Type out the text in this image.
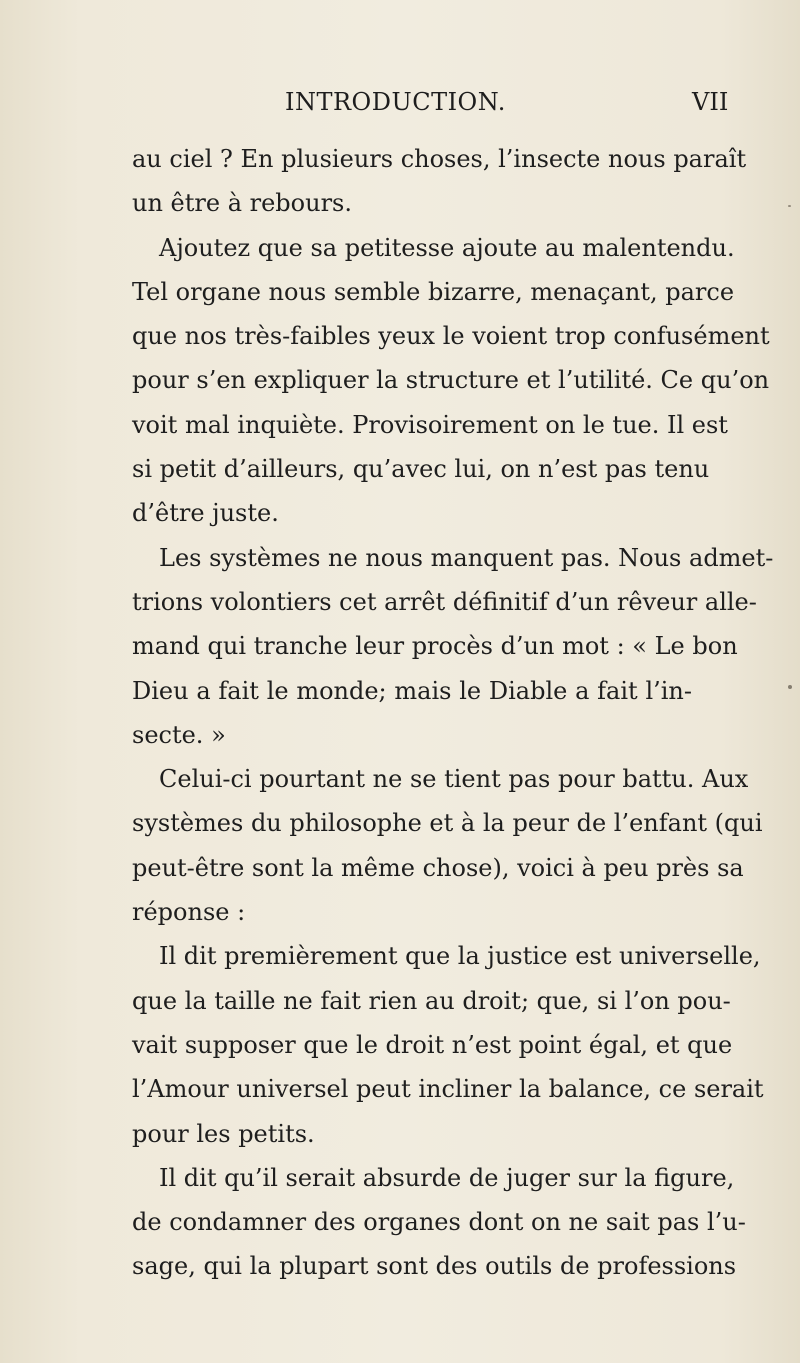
INTRODUCTION.	VII
au ciel ? En plusieurs choses, l’insecte nous paraît
un être à rebours.
Ajoutez que sa petitesse ajoute au malentendu.
Tel organe nous semble bizarre, menaçant, parce
que nos très-faibles yeux le voient trop confusément
pour s’en expliquer la structure et l’utilité. Ce qu’on
voit mal inquiète. Provisoirement on le tue. Il est
si petit d’ailleurs, qu’avec lui, on n’est pas tenu
d’être juste.
Les systèmes ne nous manquent pas. Nous admet-
trions volontiers cet arrêt définitif d’un rêveur alle-
mand qui tranche leur procès d’un mot : « Le bon
Dieu a fait le monde; mais le Diable a fait l’in-
secte. »
Celui-ci pourtant ne se tient pas pour battu. Aux
systèmes du philosophe et à la peur de l’enfant (qui
peut-être sont la même chose), voici à peu près sa
réponse :
Il dit premièrement que la justice est universelle,
que la taille ne fait rien au droit; que, si l’on pou-
vait supposer que le droit n’est point égal, et que
l’Amour universel peut incliner la balance, ce serait
pour les petits.
Il dit qu’il serait absurde de juger sur la figure,
de condamner des organes dont on ne sait pas l’u-
sage, qui la plupart sont des outils de professions
